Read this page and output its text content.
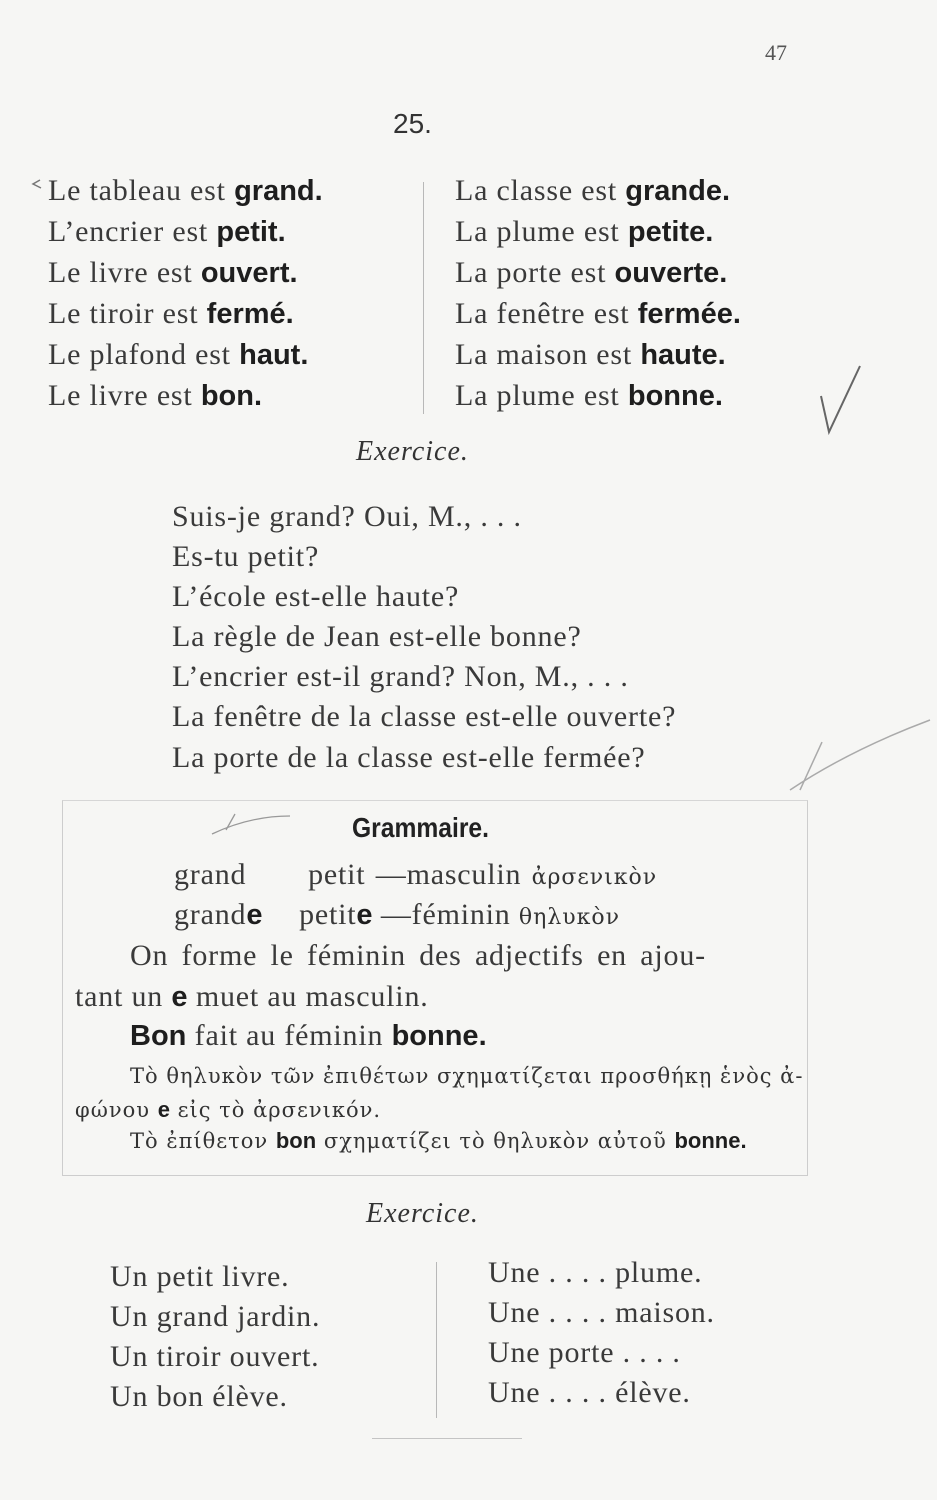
47
25.
Le tableau est grand.
L’encrier est petit.
Le livre est ouvert.
Le tiroir est fermé.
Le plafond est haut.
Le livre est bon.
La classe est grande.
La plume est petite.
La porte est ouverte.
La fenêtre est fermée.
La maison est haute.
La plume est bonne.
Exercice.
Suis-je grand? Oui, M., . . .
Es-tu petit?
L’école est-elle haute?
La règle de Jean est-elle bonne?
L’encrier est-il grand? Non, M., . . .
La fenêtre de la classe est-elle ouverte?
La porte de la classe est-elle fermée?
Grammaire.
grand      petit —masculin ἀρσενικὸν
grande petite —féminin θηλυκὸν
On forme le féminin des adjectifs en ajou-
tant un e muet au masculin.
Bon fait au féminin bonne.
Τὸ θηλυκὸν τῶν ἐπιθέτων σχηματίζεται προσθήκῃ ἑνὸς ἀ-
φώνου e εἰς τὸ ἀρσενικόν.
Τὸ ἐπίθετον bon σχηματίζει τὸ θηλυκὸν αὐτοῦ bonne.
Exercice.
Un petit livre.
Un grand jardin.
Un tiroir ouvert.
Un bon élève.
Une . . . . plume.
Une . . . . maison.
Une porte . . . .
Une . . . . élève.
